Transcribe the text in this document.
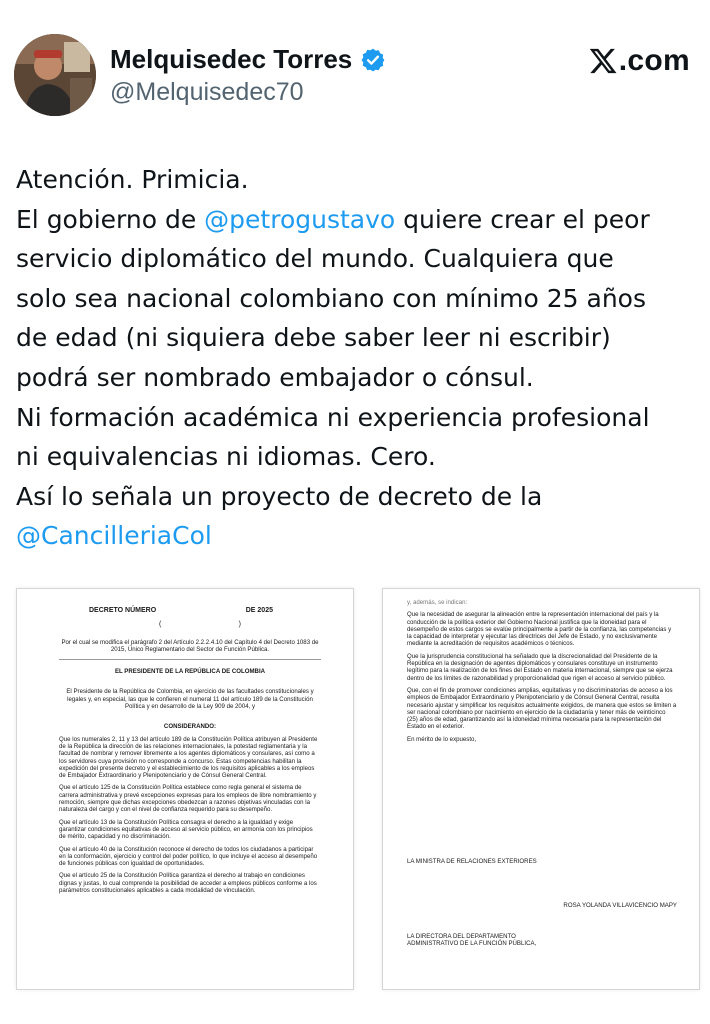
Melquisedec Torres
@Melquisedec70
.com
Atención. Primicia.
El gobierno de @petrogustavo quiere crear el peor
servicio diplomático del mundo. Cualquiera que
solo sea nacional colombiano con mínimo 25 años
de edad (ni siquiera debe saber leer ni escribir)
podrá ser nombrado embajador o cónsul.
Ni formación académica ni experiencia profesional
ni equivalencias ni idiomas. Cero.
Así lo señala un proyecto de decreto de la
@CancilleriaCol
DECRETO NÚMERO	DE 2025
(	)

Por el cual se modifica el parágrafo 2 del Artículo 2.2.2.4.10 del Capítulo 4 del Decreto 1083 de 2015, Único Reglamentario del Sector de Función Pública.

EL PRESIDENTE DE LA REPÚBLICA DE COLOMBIA

El Presidente de la República de Colombia, en ejercicio de las facultades constitucionales y legales y, en especial, las que le confieren el numeral 11 del artículo 189 de la Constitución Política y en desarrollo de la Ley 909 de 2004, y

CONSIDERANDO:

Que los numerales 2, 11 y 13 del artículo 189 de la Constitución Política atribuyen al Presidente de la República la dirección de las relaciones internacionales, la potestad reglamentaria y la facultad de nombrar y remover libremente a los agentes diplomáticos y consulares, así como a los servidores cuya provisión no corresponde a concurso. Estas competencias habilitan la expedición del presente decreto y el establecimiento de los requisitos aplicables a los empleos de Embajador Extraordinario y Plenipotenciario y de Cónsul General Central.

Que el artículo 125 de la Constitución Política establece como regla general el sistema de carrera administrativa y prevé excepciones expresas para los empleos de libre nombramiento y remoción, siempre que dichas excepciones obedezcan a razones objetivas vinculadas con la naturaleza del cargo y con el nivel de confianza requerido para su desempeño.

Que el artículo 13 de la Constitución Política consagra el derecho a la igualdad y exige garantizar condiciones equitativas de acceso al servicio público, en armonía con los principios de mérito, capacidad y no discriminación.

Que el artículo 40 de la Constitución reconoce el derecho de todos los ciudadanos a participar en la conformación, ejercicio y control del poder político, lo que incluye el acceso al desempeño de funciones públicas con igualdad de oportunidades.

Que el artículo 25 de la Constitución Política garantiza el derecho al trabajo en condiciones dignas y justas, lo cual comprende la posibilidad de acceder a empleos públicos conforme a los parámetros constitucionales aplicables a cada modalidad de vinculación.

y, además, se indican:

Que la necesidad de asegurar la alineación entre la representación internacional del país y la conducción de la política exterior del Gobierno Nacional justifica que la idoneidad para el desempeño de estos cargos se evalúe principalmente a partir de la confianza, las competencias y la capacidad de interpretar y ejecutar las directrices del Jefe de Estado, y no exclusivamente mediante la acreditación de requisitos académicos o técnicos.

Que la jurisprudencia constitucional ha señalado que la discrecionalidad del Presidente de la República en la designación de agentes diplomáticos y consulares constituye un instrumento legítimo para la realización de los fines del Estado en materia internacional, siempre que se ejerza dentro de los límites de razonabilidad y proporcionalidad que rigen el acceso al servicio público.

Que, con el fin de promover condiciones amplias, equitativas y no discriminatorias de acceso a los empleos de Embajador Extraordinario y Plenipotenciario y de Cónsul General Central, resulta necesario ajustar y simplificar los requisitos actualmente exigidos, de manera que estos se limiten a ser nacional colombiano por nacimiento en ejercicio de la ciudadanía y tener más de veinticinco (25) años de edad, garantizando así la idoneidad mínima necesaria para la representación del Estado en el exterior.

En mérito de lo expuesto,

LA MINISTRA DE RELACIONES EXTERIORES

ROSA YOLANDA VILLAVICENCIO MAPY

LA DIRECTORA DEL DEPARTAMENTO

ADMINISTRATIVO DE LA FUNCIÓN PÚBLICA,
